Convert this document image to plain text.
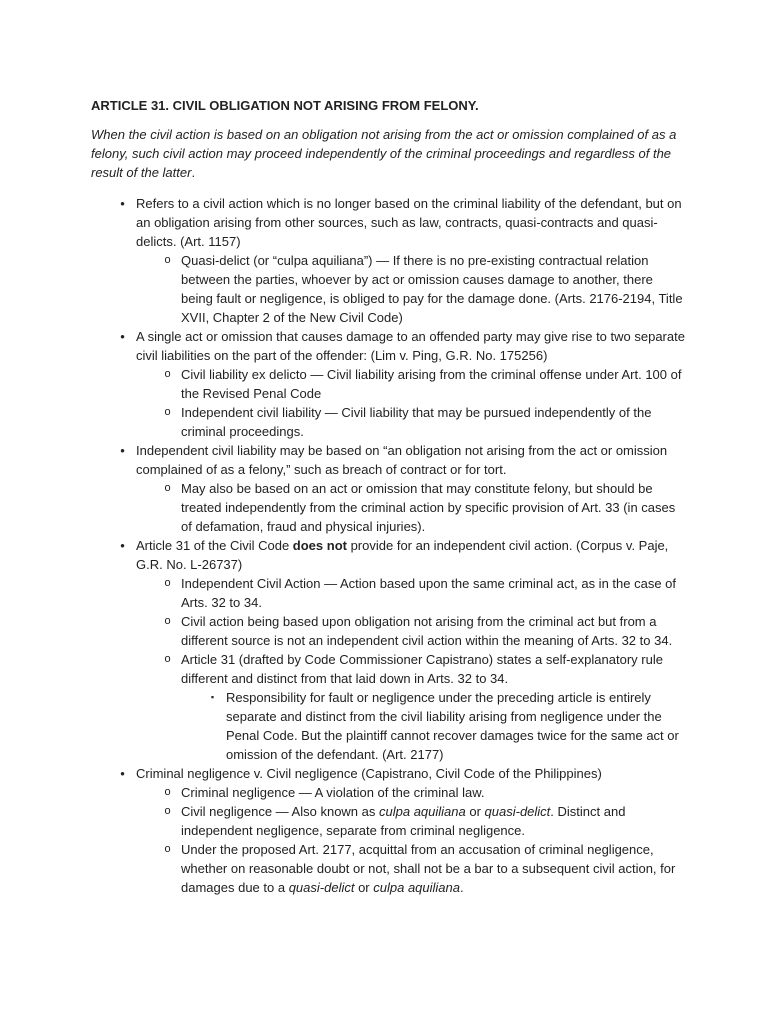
ARTICLE 31. CIVIL OBLIGATION NOT ARISING FROM FELONY.
When the civil action is based on an obligation not arising from the act or omission complained of as a felony, such civil action may proceed independently of the criminal proceedings and regardless of the result of the latter.
• Refers to a civil action which is no longer based on the criminal liability of the defendant, but on an obligation arising from other sources, such as law, contracts, quasi-contracts and quasi-delicts. (Art. 1157)
o Quasi-delict (or “culpa aquiliana”) — If there is no pre-existing contractual relation between the parties, whoever by act or omission causes damage to another, there being fault or negligence, is obliged to pay for the damage done. (Arts. 2176-2194, Title XVII, Chapter 2 of the New Civil Code)
• A single act or omission that causes damage to an offended party may give rise to two separate civil liabilities on the part of the offender: (Lim v. Ping, G.R. No. 175256)
o Civil liability ex delicto — Civil liability arising from the criminal offense under Art. 100 of the Revised Penal Code
o Independent civil liability — Civil liability that may be pursued independently of the criminal proceedings.
• Independent civil liability may be based on “an obligation not arising from the act or omission complained of as a felony,” such as breach of contract or for tort.
o May also be based on an act or omission that may constitute felony, but should be treated independently from the criminal action by specific provision of Art. 33 (in cases of defamation, fraud and physical injuries).
• Article 31 of the Civil Code does not provide for an independent civil action. (Corpus v. Paje, G.R. No. L-26737)
o Independent Civil Action — Action based upon the same criminal act, as in the case of Arts. 32 to 34.
o Civil action being based upon obligation not arising from the criminal act but from a different source is not an independent civil action within the meaning of Arts. 32 to 34.
o Article 31 (drafted by Code Commissioner Capistrano) states a self-explanatory rule different and distinct from that laid down in Arts. 32 to 34.
▪ Responsibility for fault or negligence under the preceding article is entirely separate and distinct from the civil liability arising from negligence under the Penal Code. But the plaintiff cannot recover damages twice for the same act or omission of the defendant. (Art. 2177)
• Criminal negligence v. Civil negligence (Capistrano, Civil Code of the Philippines)
o Criminal negligence — A violation of the criminal law.
o Civil negligence — Also known as culpa aquiliana or quasi-delict. Distinct and independent negligence, separate from criminal negligence.
o Under the proposed Art. 2177, acquittal from an accusation of criminal negligence, whether on reasonable doubt or not, shall not be a bar to a subsequent civil action, for damages due to a quasi-delict or culpa aquiliana.
